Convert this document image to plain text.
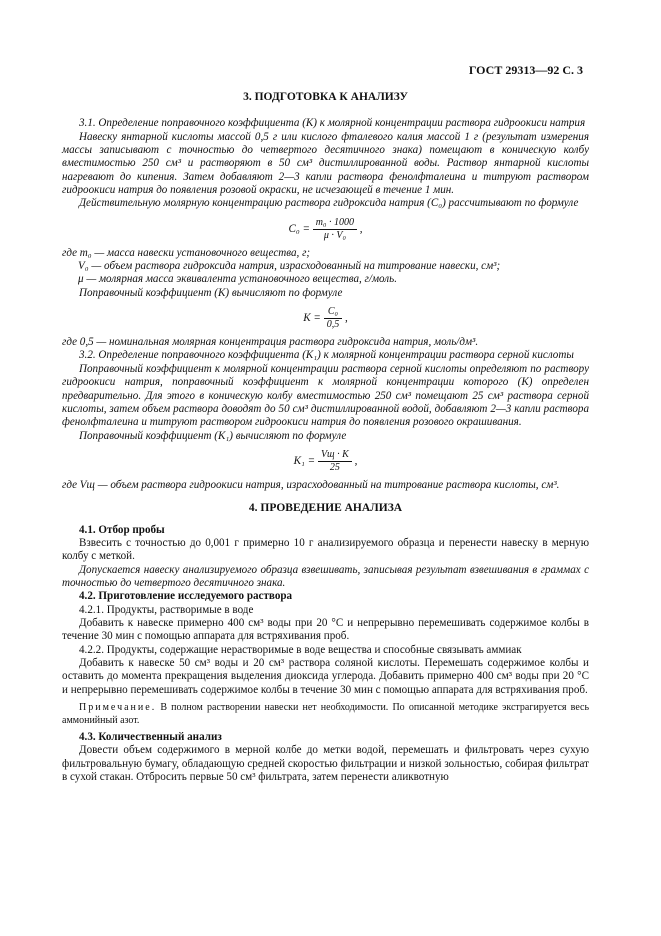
ГОСТ 29313—92 С. 3

3. ПОДГОТОВКА К АНАЛИЗУ

3.1. Определение поправочного коэффициента (K) к молярной концентрации раствора гидроокиси натрия

Навеску янтарной кислоты массой 0,5 г или кислого фталевого калия массой 1 г (результат измерения массы записывают с точностью до четвертого десятичного знака) помещают в коническую колбу вместимостью 250 см³ и растворяют в 50 см³ дистиллированной воды. Раствор янтарной кислоты нагревают до кипения. Затем добавляют 2—3 капли раствора фенолфталеина и титруют раствором гидроокиси натрия до появления розовой окраски, не исчезающей в течение 1 мин.

Действительную молярную концентрацию раствора гидроксида натрия (C₀) рассчитывают по формуле

$C_0 = \frac{\text{m₀ · 1000}}{\text{μ · V₀}}$ ,

где m₀ — масса навески установочного вещества, г;

V₀ — объем раствора гидроксида натрия, израсходованный на титрование навески, см³;

μ — молярная масса эквивалента установочного вещества, г/моль.

Поправочный коэффициент (K) вычисляют по формуле

$K = \frac{\text{C₀}}{0,5}$ ,

где 0,5 — номинальная молярная концентрация раствора гидроксида натрия, моль/дм³.

3.2. Определение поправочного коэффициента (K₁) к молярной концентрации раствора серной кислоты

Поправочный коэффициент к молярной концентрации раствора серной кислоты определяют по раствору гидроокиси натрия, поправочный коэффициент к молярной концентрации которого (K) определен предварительно. Для этого в коническую колбу вместимостью 250 см³ помещают 25 см³ раствора серной кислоты, затем объем раствора доводят до 50 см³ дистиллированной водой, добавляют 2—3 капли раствора фенолфталеина и титруют раствором гидроокиси натрия до появления розового окрашивания.

Поправочный коэффициент (K₁) вычисляют по формуле

$K_1 = \frac{Vщ \cdot K}{25}$ ,

где Vщ — объем раствора гидроокиси натрия, израсходованный на титрование раствора кислоты, см³.

4. ПРОВЕДЕНИЕ АНАЛИЗА

4.1. Отбор пробы

Взвесить с точностью до 0,001 г примерно 10 г анализируемого образца и перенести навеску в мерную колбу с меткой.

Допускается навеску анализируемого образца взвешивать, записывая результат взвешивания в граммах с точностью до четвертого десятичного знака.

4.2. Приготовление исследуемого раствора

4.2.1. Продукты, растворимые в воде

Добавить к навеске примерно 400 см³ воды при 20 °С и непрерывно перемешивать содержимое колбы в течение 30 мин с помощью аппарата для встряхивания проб.

4.2.2. Продукты, содержащие нерастворимые в воде вещества и способные связывать аммиак

Добавить к навеске 50 см³ воды и 20 см³ раствора соляной кислоты. Перемешать содержимое колбы и оставить до момента прекращения выделения диоксида углерода. Добавить примерно 400 см³ воды при 20 °С и непрерывно перемешивать содержимое колбы в течение 30 мин с помощью аппарата для встряхивания проб.

Примечание. В полном растворении навески нет необходимости. По описанной методике экстрагируется весь аммонийный азот.

4.3. Количественный анализ

Довести объем содержимого в мерной колбе до метки водой, перемешать и фильтровать через сухую фильтровальную бумагу, обладающую средней скоростью фильтрации и низкой зольностью, собирая фильтрат в сухой стакан. Отбросить первые 50 см³ фильтрата, затем перенести аликвотную
